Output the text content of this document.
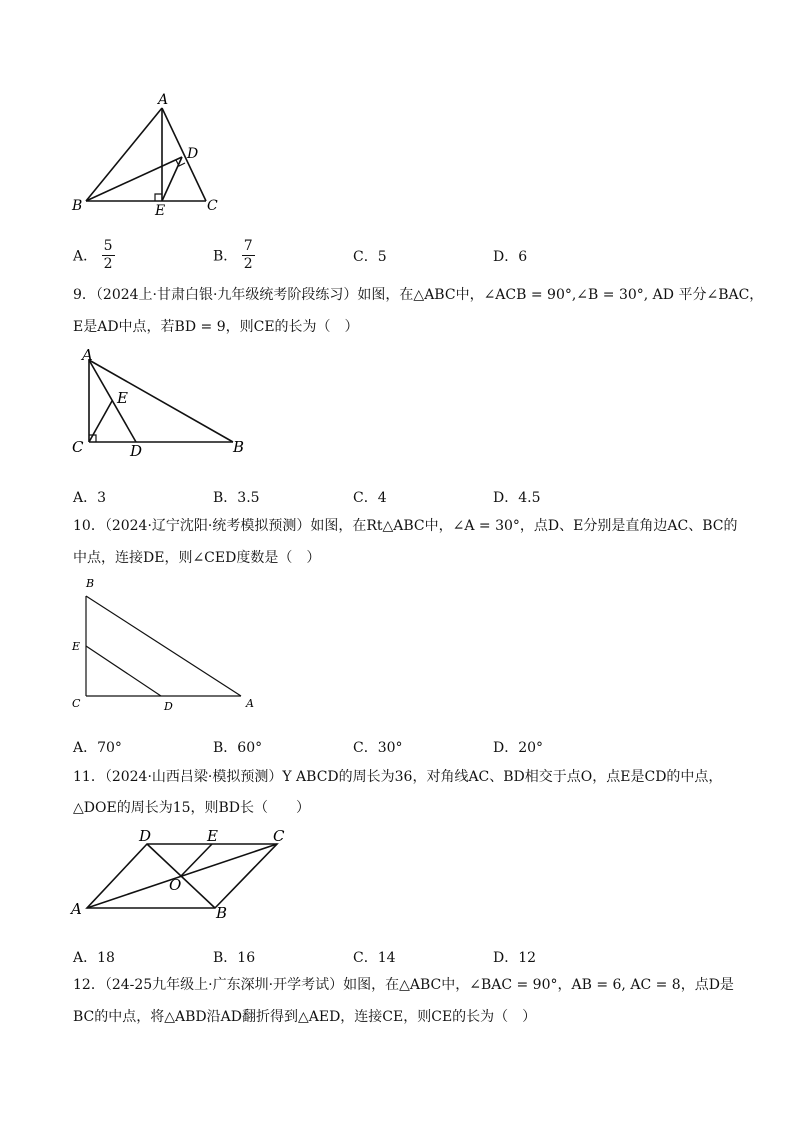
A
D
B	E	C
A． $\frac{5}{2}$	B． $\frac{7}{2}$	C．5	D．6
9．（2024上·甘肃白银·九年级统考阶段练习）如图，在△ABC中，∠ACB = 90°,∠B = 30°, AD 平分∠BAC，
E是AD中点，若BD = 9，则CE的长为（　）
A
E
C	D	B
A．3	B．3.5	C．4	D．4.5
10．（2024·辽宁沈阳·统考模拟预测）如图，在Rt△ABC中，∠A = 30°，点D、E分别是直角边AC、BC的
中点，连接DE，则∠CED度数是（　）
B
E
C	D	A
A．70°	B．60°	C．30°	D．20°
11．（2024·山西吕梁·模拟预测）Y ABCD的周长为36，对角线AC、BD相交于点O，点E是CD的中点，
△DOE的周长为15，则BD长（　　）
D	E	C
O
A	B
A．18	B．16	C．14	D．12
12．（24-25九年级上·广东深圳·开学考试）如图，在△ABC中，∠BAC = 90°，AB = 6, AC = 8，点D是
BC的中点，将△ABD沿AD翻折得到△AED，连接CE，则CE的长为（　）
